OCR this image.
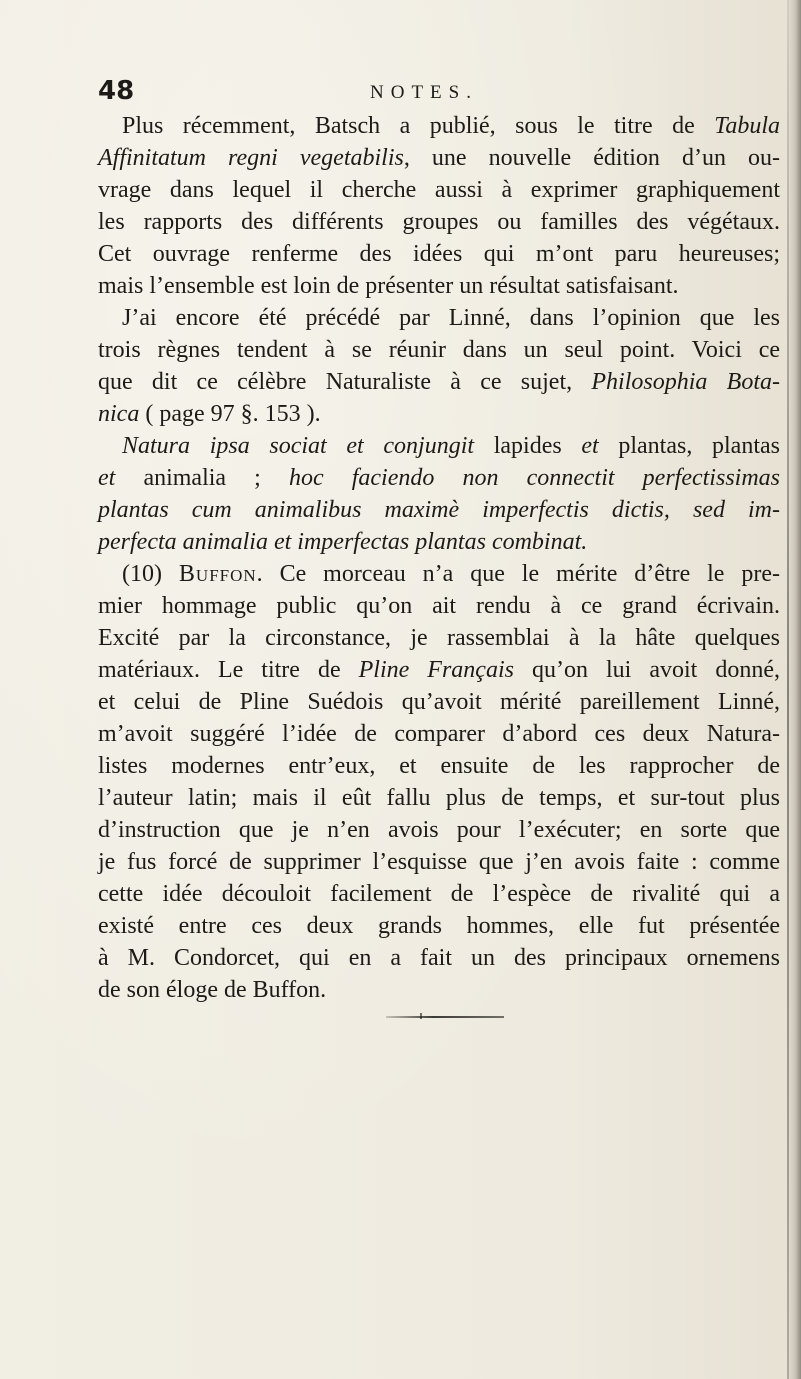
48	NOTES.
Plus récemment, Batsch a publié, sous le titre de Tabula
Affinitatum regni vegetabilis, une nouvelle édition d’un ou-
vrage dans lequel il cherche aussi à exprimer graphiquement
les rapports des différents groupes ou familles des végétaux.
Cet ouvrage renferme des idées qui m’ont paru heureuses;
mais l’ensemble est loin de présenter un résultat satisfaisant.
J’ai encore été précédé par Linné, dans l’opinion que les
trois règnes tendent à se réunir dans un seul point. Voici ce
que dit ce célèbre Naturaliste à ce sujet, Philosophia Bota-
nica ( page 97 §. 153 ).
Natura ipsa sociat et conjungit lapides et plantas, plantas
et animalia ; hoc faciendo non connectit perfectissimas
plantas cum animalibus maximè imperfectis dictis, sed im-
perfecta animalia et imperfectas plantas combinat.
(10) Buffon. Ce morceau n’a que le mérite d’être le pre-
mier hommage public qu’on ait rendu à ce grand écrivain.
Excité par la circonstance, je rassemblai à la hâte quelques
matériaux. Le titre de Pline Français qu’on lui avoit donné,
et celui de Pline Suédois qu’avoit mérité pareillement Linné,
m’avoit suggéré l’idée de comparer d’abord ces deux Natura-
listes modernes entr’eux, et ensuite de les rapprocher de
l’auteur latin; mais il eût fallu plus de temps, et sur-tout plus
d’instruction que je n’en avois pour l’exécuter; en sorte que
je fus forcé de supprimer l’esquisse que j’en avois faite : comme
cette idée découloit facilement de l’espèce de rivalité qui a
existé entre ces deux grands hommes, elle fut présentée
à M. Condorcet, qui en a fait un des principaux ornemens
de son éloge de Buffon.
